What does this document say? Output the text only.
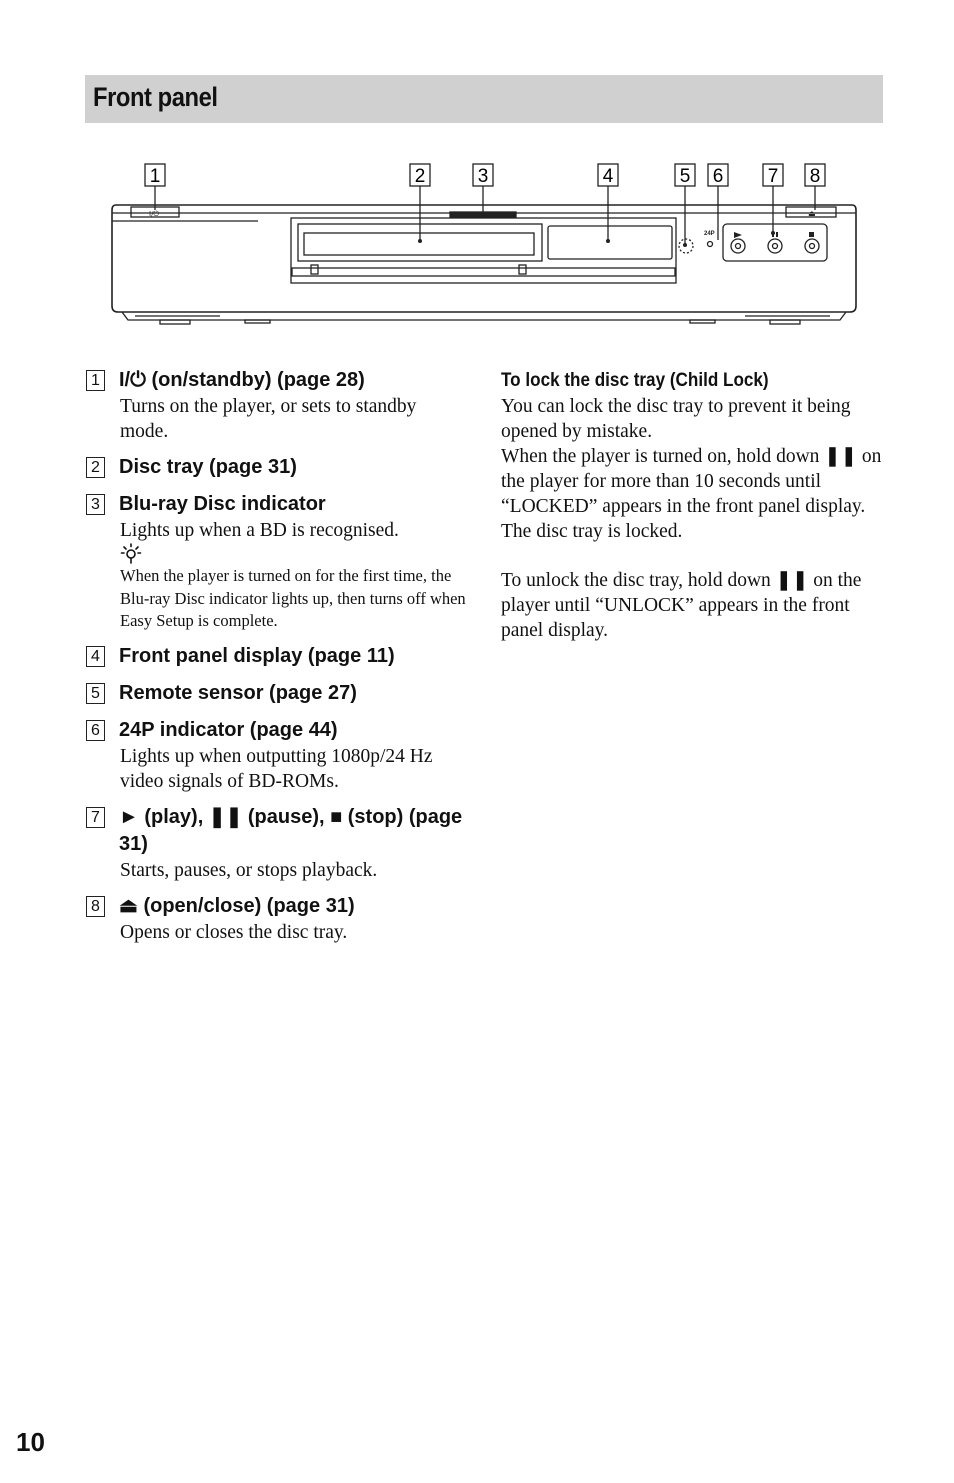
Front panel
I/⏻	⏏
1	2	3	4	5 6 7 8
24P
1 I/⏻ (on/standby) (page 28)
Turns on the player, or sets to standby mode.
2 Disc tray (page 31)
3 Blu-ray Disc indicator
Lights up when a BD is recognised.
When the player is turned on for the first time, the Blu-ray Disc indicator lights up, then turns off when Easy Setup is complete.
4 Front panel display (page 11)
5 Remote sensor (page 27)
6 24P indicator (page 44)
Lights up when outputting 1080p/24 Hz video signals of BD-ROMs.
7 ► (play), ❚❚ (pause), ■ (stop) (page 31)
Starts, pauses, or stops playback.
8 ⏏ (open/close) (page 31)
Opens or closes the disc tray.
To lock the disc tray (Child Lock)
You can lock the disc tray to prevent it being opened by mistake.
When the player is turned on, hold down ❚❚ on the player for more than 10 seconds until “LOCKED” appears in the front panel display. The disc tray is locked.
To unlock the disc tray, hold down ❚❚ on the player until “UNLOCK” appears in the front panel display.
10
